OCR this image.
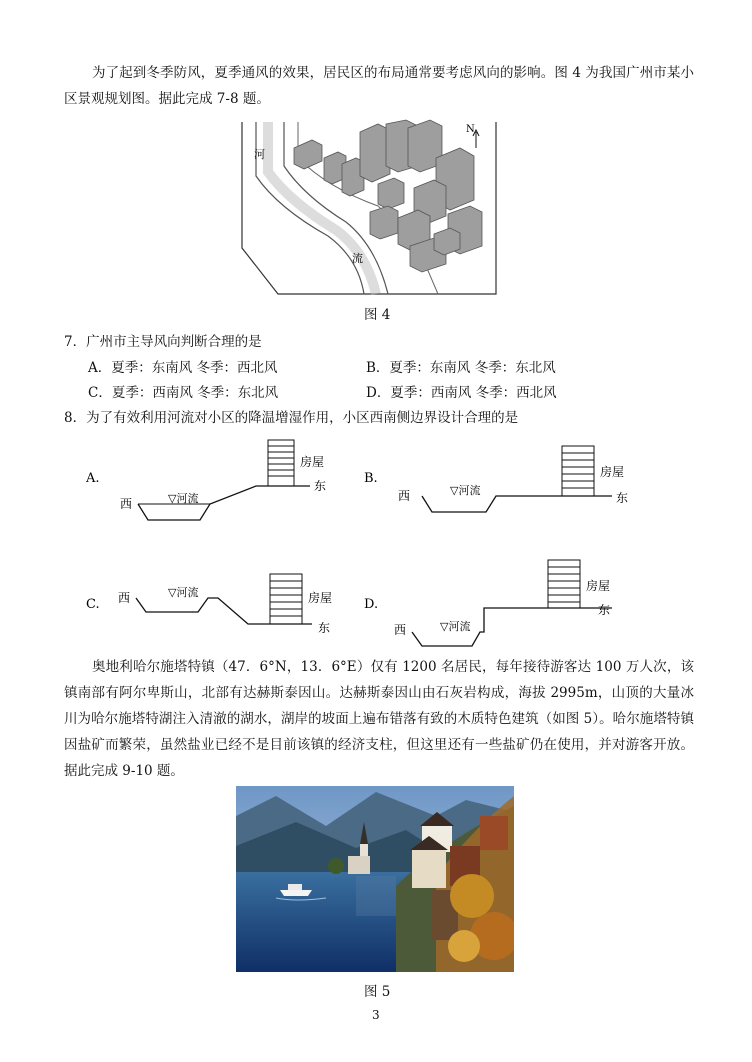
为了起到冬季防风，夏季通风的效果，居民区的布局通常要考虑风向的影响。图 4 为我国广州市某小区景观规划图。据此完成 7-8 题。
N
河
流
图 4
7．广州市主导风向判断合理的是
A．夏季：东南风 冬季：西北风	B．夏季：东南风 冬季：东北风
C．夏季：西南风 冬季：东北风	D．夏季：西南风 冬季：西北风
8．为了有效利用河流对小区的降温增湿作用，小区西南侧边界设计合理的是
A.
西	▽河流
房屋
东	B.
西	▽河流
房屋
东
C. 西	▽河流	房屋
东
D.
西	▽河流
房屋
东
奥地利哈尔施塔特镇（47．6°N，13．6°E）仅有 1200 名居民，每年接待游客达 100 万人次，该镇南部有阿尔卑斯山，北部有达赫斯泰因山。达赫斯泰因山由石灰岩构成，海拔 2995m，山顶的大量冰川为哈尔施塔特湖注入清澈的湖水，湖岸的坡面上遍布错落有致的木质特色建筑（如图 5）。哈尔施塔特镇因盐矿而繁荣，虽然盐业已经不是目前该镇的经济支柱，但这里还有一些盐矿仍在使用，并对游客开放。据此完成 9-10 题。
图 5
3
